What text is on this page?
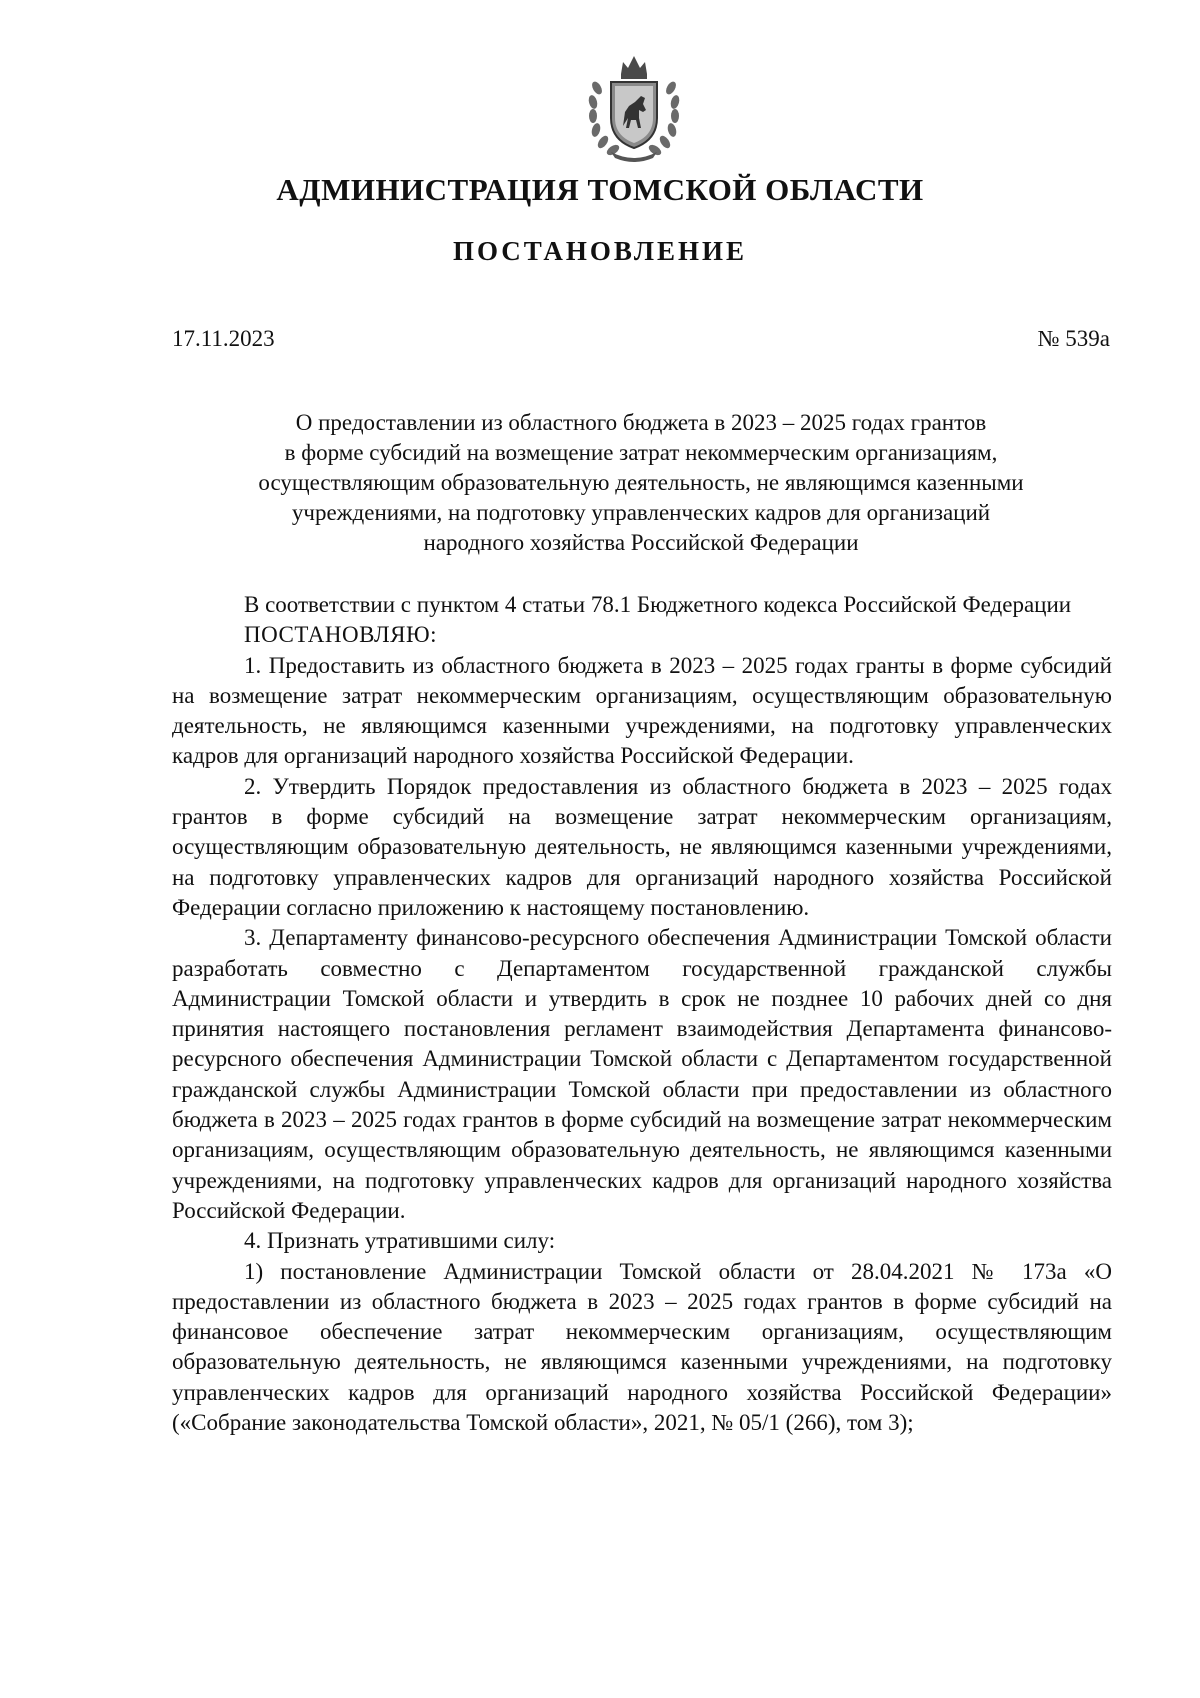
АДМИНИСТРАЦИЯ ТОМСКОЙ ОБЛАСТИ
ПОСТАНОВЛЕНИЕ
17.11.2023	№ 539а
О предоставлении из областного бюджета в 2023 – 2025 годах грантов
в форме субсидий на возмещение затрат некоммерческим организациям,
осуществляющим образовательную деятельность, не являющимся казенными
учреждениями, на подготовку управленческих кадров для организаций
народного хозяйства Российской Федерации

В соответствии с пунктом 4 статьи 78.1 Бюджетного кодекса Российской Федерации

ПОСТАНОВЛЯЮ:

1. Предоставить из областного бюджета в 2023 – 2025 годах гранты в форме субсидий на возмещение затрат некоммерческим организациям, осуществляющим образовательную деятельность, не являющимся казенными учреждениями, на подготовку управленческих кадров для организаций народного хозяйства Российской Федерации.

2. Утвердить Порядок предоставления из областного бюджета в 2023 – 2025 годах грантов в форме субсидий на возмещение затрат некоммерческим организациям, осуществляющим образовательную деятельность, не являющимся казенными учреждениями, на подготовку управленческих кадров для организаций народного хозяйства Российской Федерации согласно приложению к настоящему постановлению.

3. Департаменту финансово-ресурсного обеспечения Администрации Томской области разработать совместно с Департаментом государственной гражданской службы Администрации Томской области и утвердить в срок не позднее 10 рабочих дней со дня принятия настоящего постановления регламент взаимодействия Департамента финансово-ресурсного обеспечения Администрации Томской области с Департаментом государственной гражданской службы Администрации Томской области при предоставлении из областного бюджета в 2023 – 2025 годах грантов в форме субсидий на возмещение затрат некоммерческим организациям, осуществляющим образовательную деятельность, не являющимся казенными учреждениями, на подготовку управленческих кадров для организаций народного хозяйства Российской Федерации.

4. Признать утратившими силу:

1) постановление Администрации Томской области от 28.04.2021 № 173а «О предоставлении из областного бюджета в 2023 – 2025 годах грантов в форме субсидий на финансовое обеспечение затрат некоммерческим организациям, осуществляющим образовательную деятельность, не являющимся казенными учреждениями, на подготовку управленческих кадров для организаций народного хозяйства Российской Федерации» («Собрание законодательства Томской области», 2021, № 05/1 (266), том 3);
